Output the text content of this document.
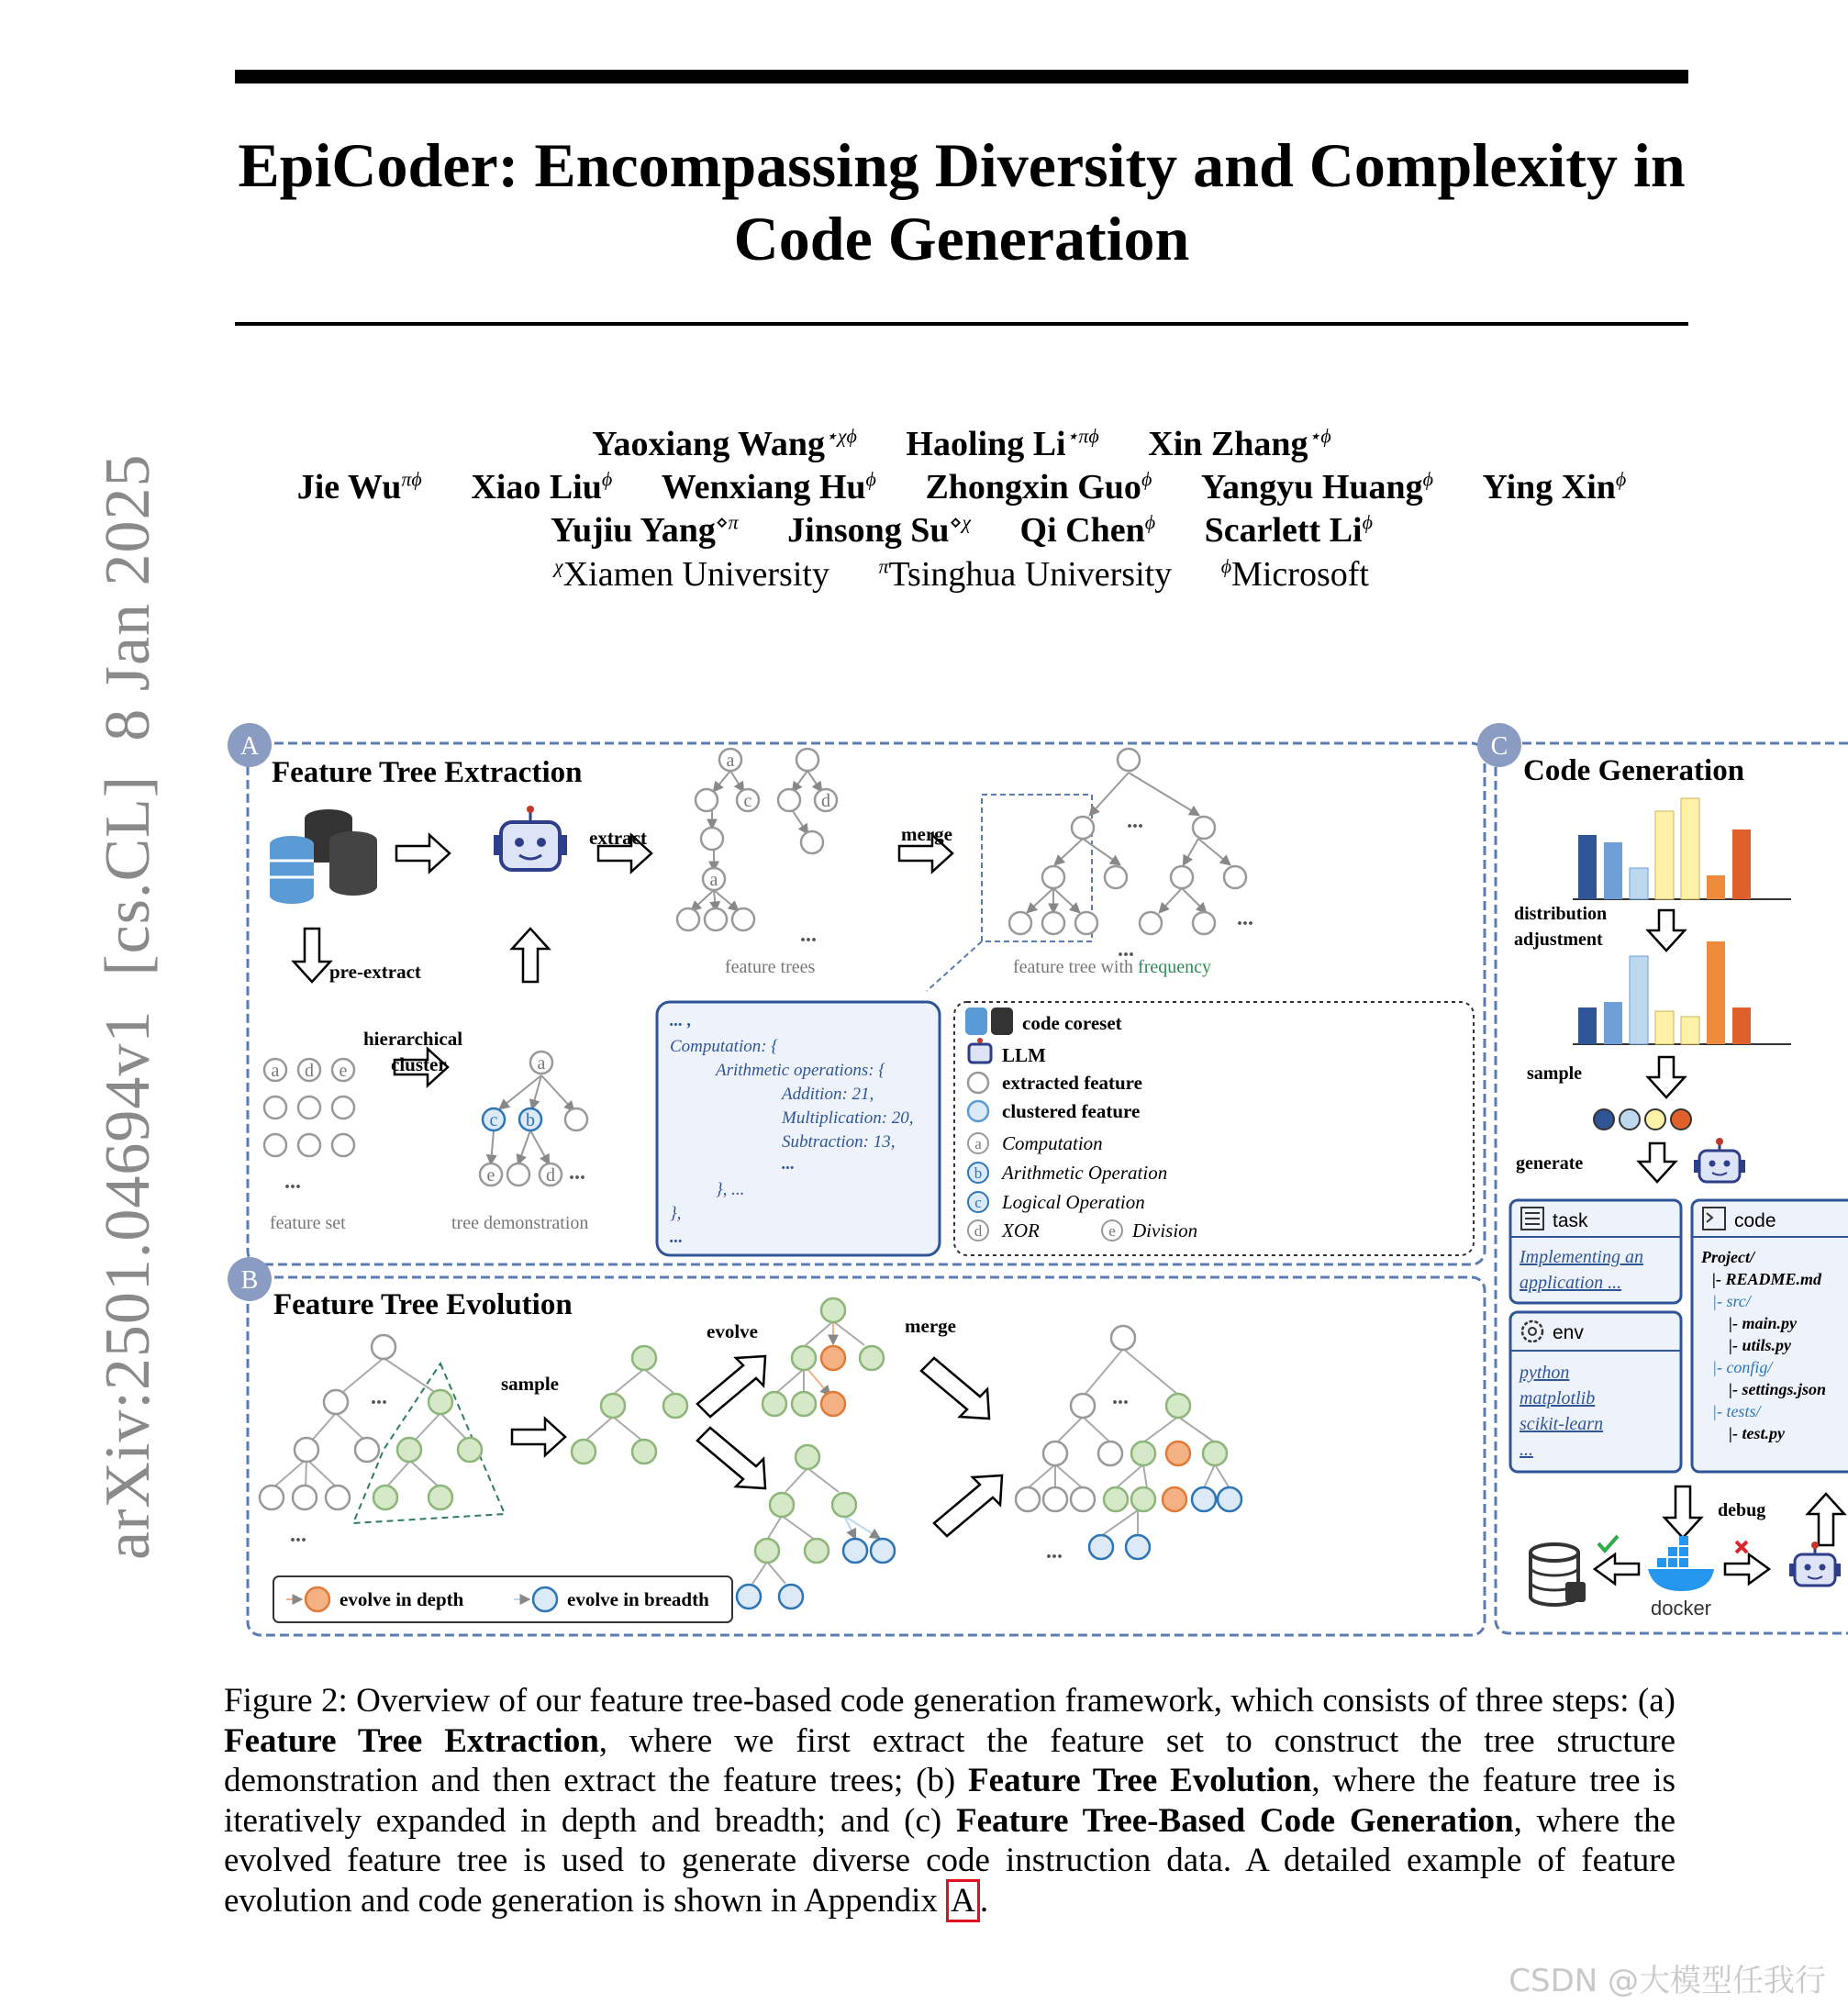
EpiCoder: Encompassing Diversity and Complexity in
Code Generation
arXiv:2501.04694v1  [cs.CL]  8 Jan 2025
Yaoxiang Wang$^{⋆\chi\phi}$ Haoling $Li^{⋆\pi\phi}$ Xin Zhang$^{⋆\phi}$
Jie $Wu^{\pi\phi}$ Xiao Liu$^\phi$ Wenxiang $Hu^\phi$ Zhongxin Guo$^\phi$ Yangyu Huang$^\phi$ Ying Xin$^\phi$
Yujiu Yang$^{⋄\pi}$ Jinsong $Su^{⋄\chi}$ Qi Chen$^\phi$ Scarlett $Li^\phi$
$^\chi$Xiamen University $^\pi$Tsinghua University $^\phi$Microsoft
A
Feature Tree Extraction
extract	merge
pre-extract
hierarchical
cluster
a d e
...
feature set
a
c b
e	d ...
tree demonstration
a
c
a
d
...
feature trees
...
...
...
feature tree with frequency
... ,
Computation: {
Arithmetic operations: {
Addition: 21,
Multiplication: 20,
Subtraction: 13,
...
}, ...
},
...
code coreset
LLM
extracted feature
clustered feature
a Computation
b Arithmetic Operation
c Logical Operation
d XOR	e Division
B
Feature Tree Evolution
...
...
sample
evolve	merge
...
...
evolve in depth	evolve in breadth
C
Code Generation
distribution
adjustment
sample
generate
task
Implementing an
application ...
env
python
matplotlib
scikit-learn
...
code
Project/
|- README.md
|- src/
|- main.py
|- utils.py
|- config/
|- settings.json
|- tests/
|- test.py
debug
docker
Figure 2: Overview of our feature tree-based code generation framework, which consists of three steps: (a) Feature Tree Extraction, where we first extract the feature set to construct the tree structure demonstration and then extract the feature trees; (b) Feature Tree Evolution, where the feature tree is iteratively expanded in depth and breadth; and (c) Feature Tree-Based Code Generation, where the evolved feature tree is used to generate diverse code instruction data. A detailed example of feature evolution and code generation is shown in Appendix A .
CSDN @大模型任我行
